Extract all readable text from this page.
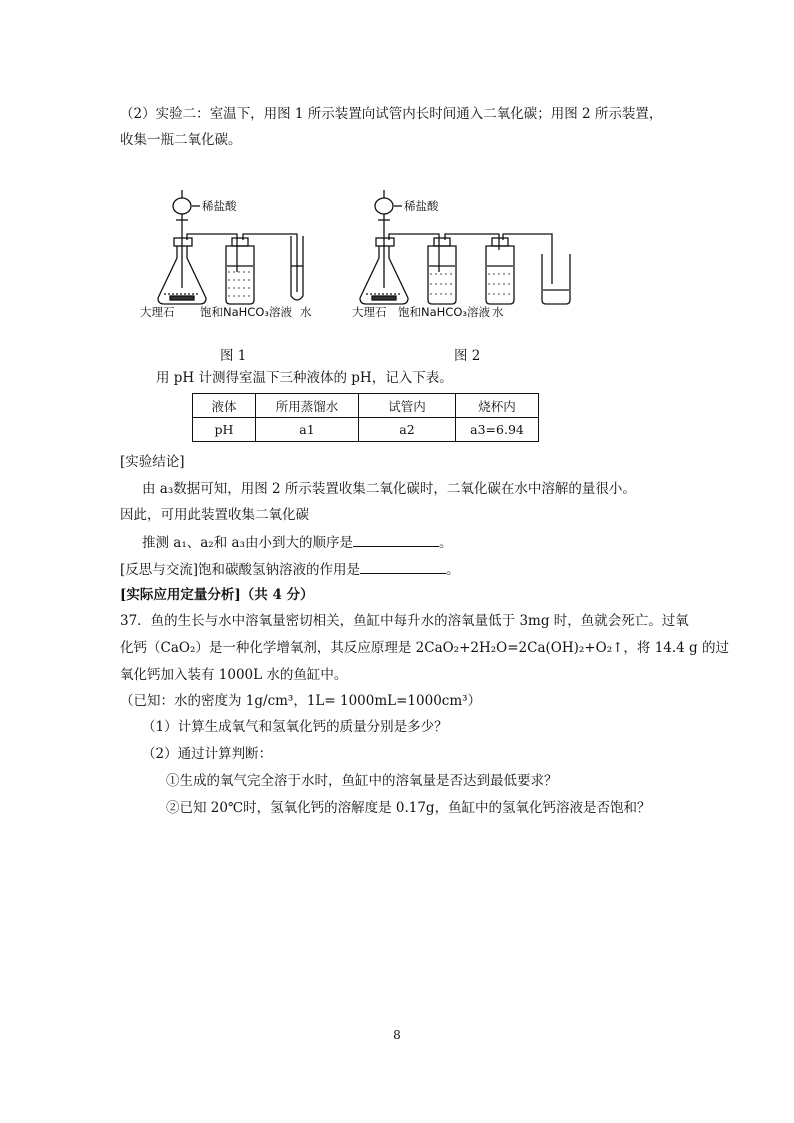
（2）实验二：室温下，用图 1 所示装置向试管内长时间通入二氧化碳；用图 2 所示装置，
收集一瓶二氧化碳。
稀盐酸
大理石 饱和NaHCO₃溶液 水
稀盐酸
大理石 饱和NaHCO₃溶液 水
图 1	图 2
用 pH 计测得室温下三种液体的 pH，记入下表。
液体	所用蒸馏水	试管内	烧杯内
pH	a1	a2	a3=6.94
[实验结论]
由 a₃数据可知，用图 2 所示装置收集二氧化碳时，二氧化碳在水中溶解的量很小。
因此，可用此装置收集二氧化碳
推测 a₁、a₂和 a₃由小到大的顺序是	。
[反思与交流]饱和碳酸氢钠溶液的作用是	。
[实际应用定量分析]（共 4 分）
37．鱼的生长与水中溶氧量密切相关，鱼缸中每升水的溶氧量低于 3mg 时，鱼就会死亡。过氧
化钙（CaO₂）是一种化学增氧剂，其反应原理是 2CaO₂+2H₂O=2Ca(OH)₂+O₂↑，将 14.4 g 的过
氧化钙加入装有 1000L 水的鱼缸中。
（已知：水的密度为 1g/cm³，1L= 1000mL=1000cm³）
（1）计算生成氧气和氢氧化钙的质量分别是多少？
（2）通过计算判断：
①生成的氧气完全溶于水时，鱼缸中的溶氧量是否达到最低要求？
②已知 20℃时，氢氧化钙的溶解度是 0.17g，鱼缸中的氢氧化钙溶液是否饱和？
8
